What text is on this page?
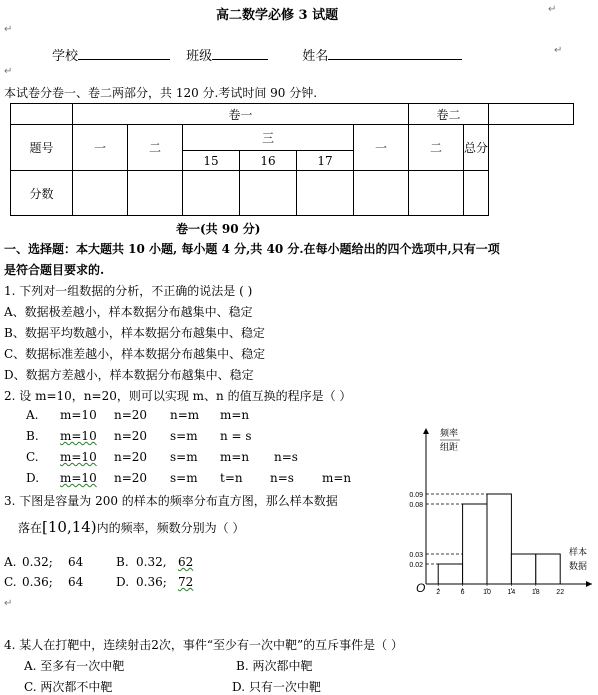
高二数学必修 3 试题	↵
↵
学校	班级	姓名	↵
↵
本试卷分卷一、卷二两部分，共 120 分.考试时间 90 分钟.
	卷一						卷二		
题号	一	二	三			一	二	总分	
			15	16	17				
分数									
卷一(共 90 分)
一、选择题：本大题共 10 小题, 每小题 4 分,共 40 分.在每小题给出的四个选项中,只有一项
是符合题目要求的.
1. 下列对一组数据的分析，不正确的说法是 ( )
A、数据极差越小，样本数据分布越集中、稳定
B、数据平均数越小，样本数据分布越集中、稳定
C、数据标准差越小，样本数据分布越集中、稳定
D、数据方差越小，样本数据分布越集中、稳定
2. 设 m=10，n=20，则可以实现 m、n 的值互换的程序是（ ）
A. m=10 n=20 n=m m=n
B. m=10 n=20 s=m n = s
C. m=10 n=20 s=m m=n n=s
D. m=10 n=20 s=m t=n n=s m=n
3. 下图是容量为 200 的样本的频率分布直方图，那么样本数据
落在[10,14)内的频率，频数分别为（ ）
A. 0.32; 64	B. 0.32, 62
C. 0.36; 64	D. 0.36; 72
↵
4. 某人在打靶中，连续射击2次，事件“至少有一次中靶”的互斥事件是（ ）
A. 至多有一次中靶	B. 两次都中靶
C. 两次都不中靶	D. 只有一次中靶
0.02
0.03
0.08
0.09
2	6	10 14 18 22
O
频率
组距
样本
数据
